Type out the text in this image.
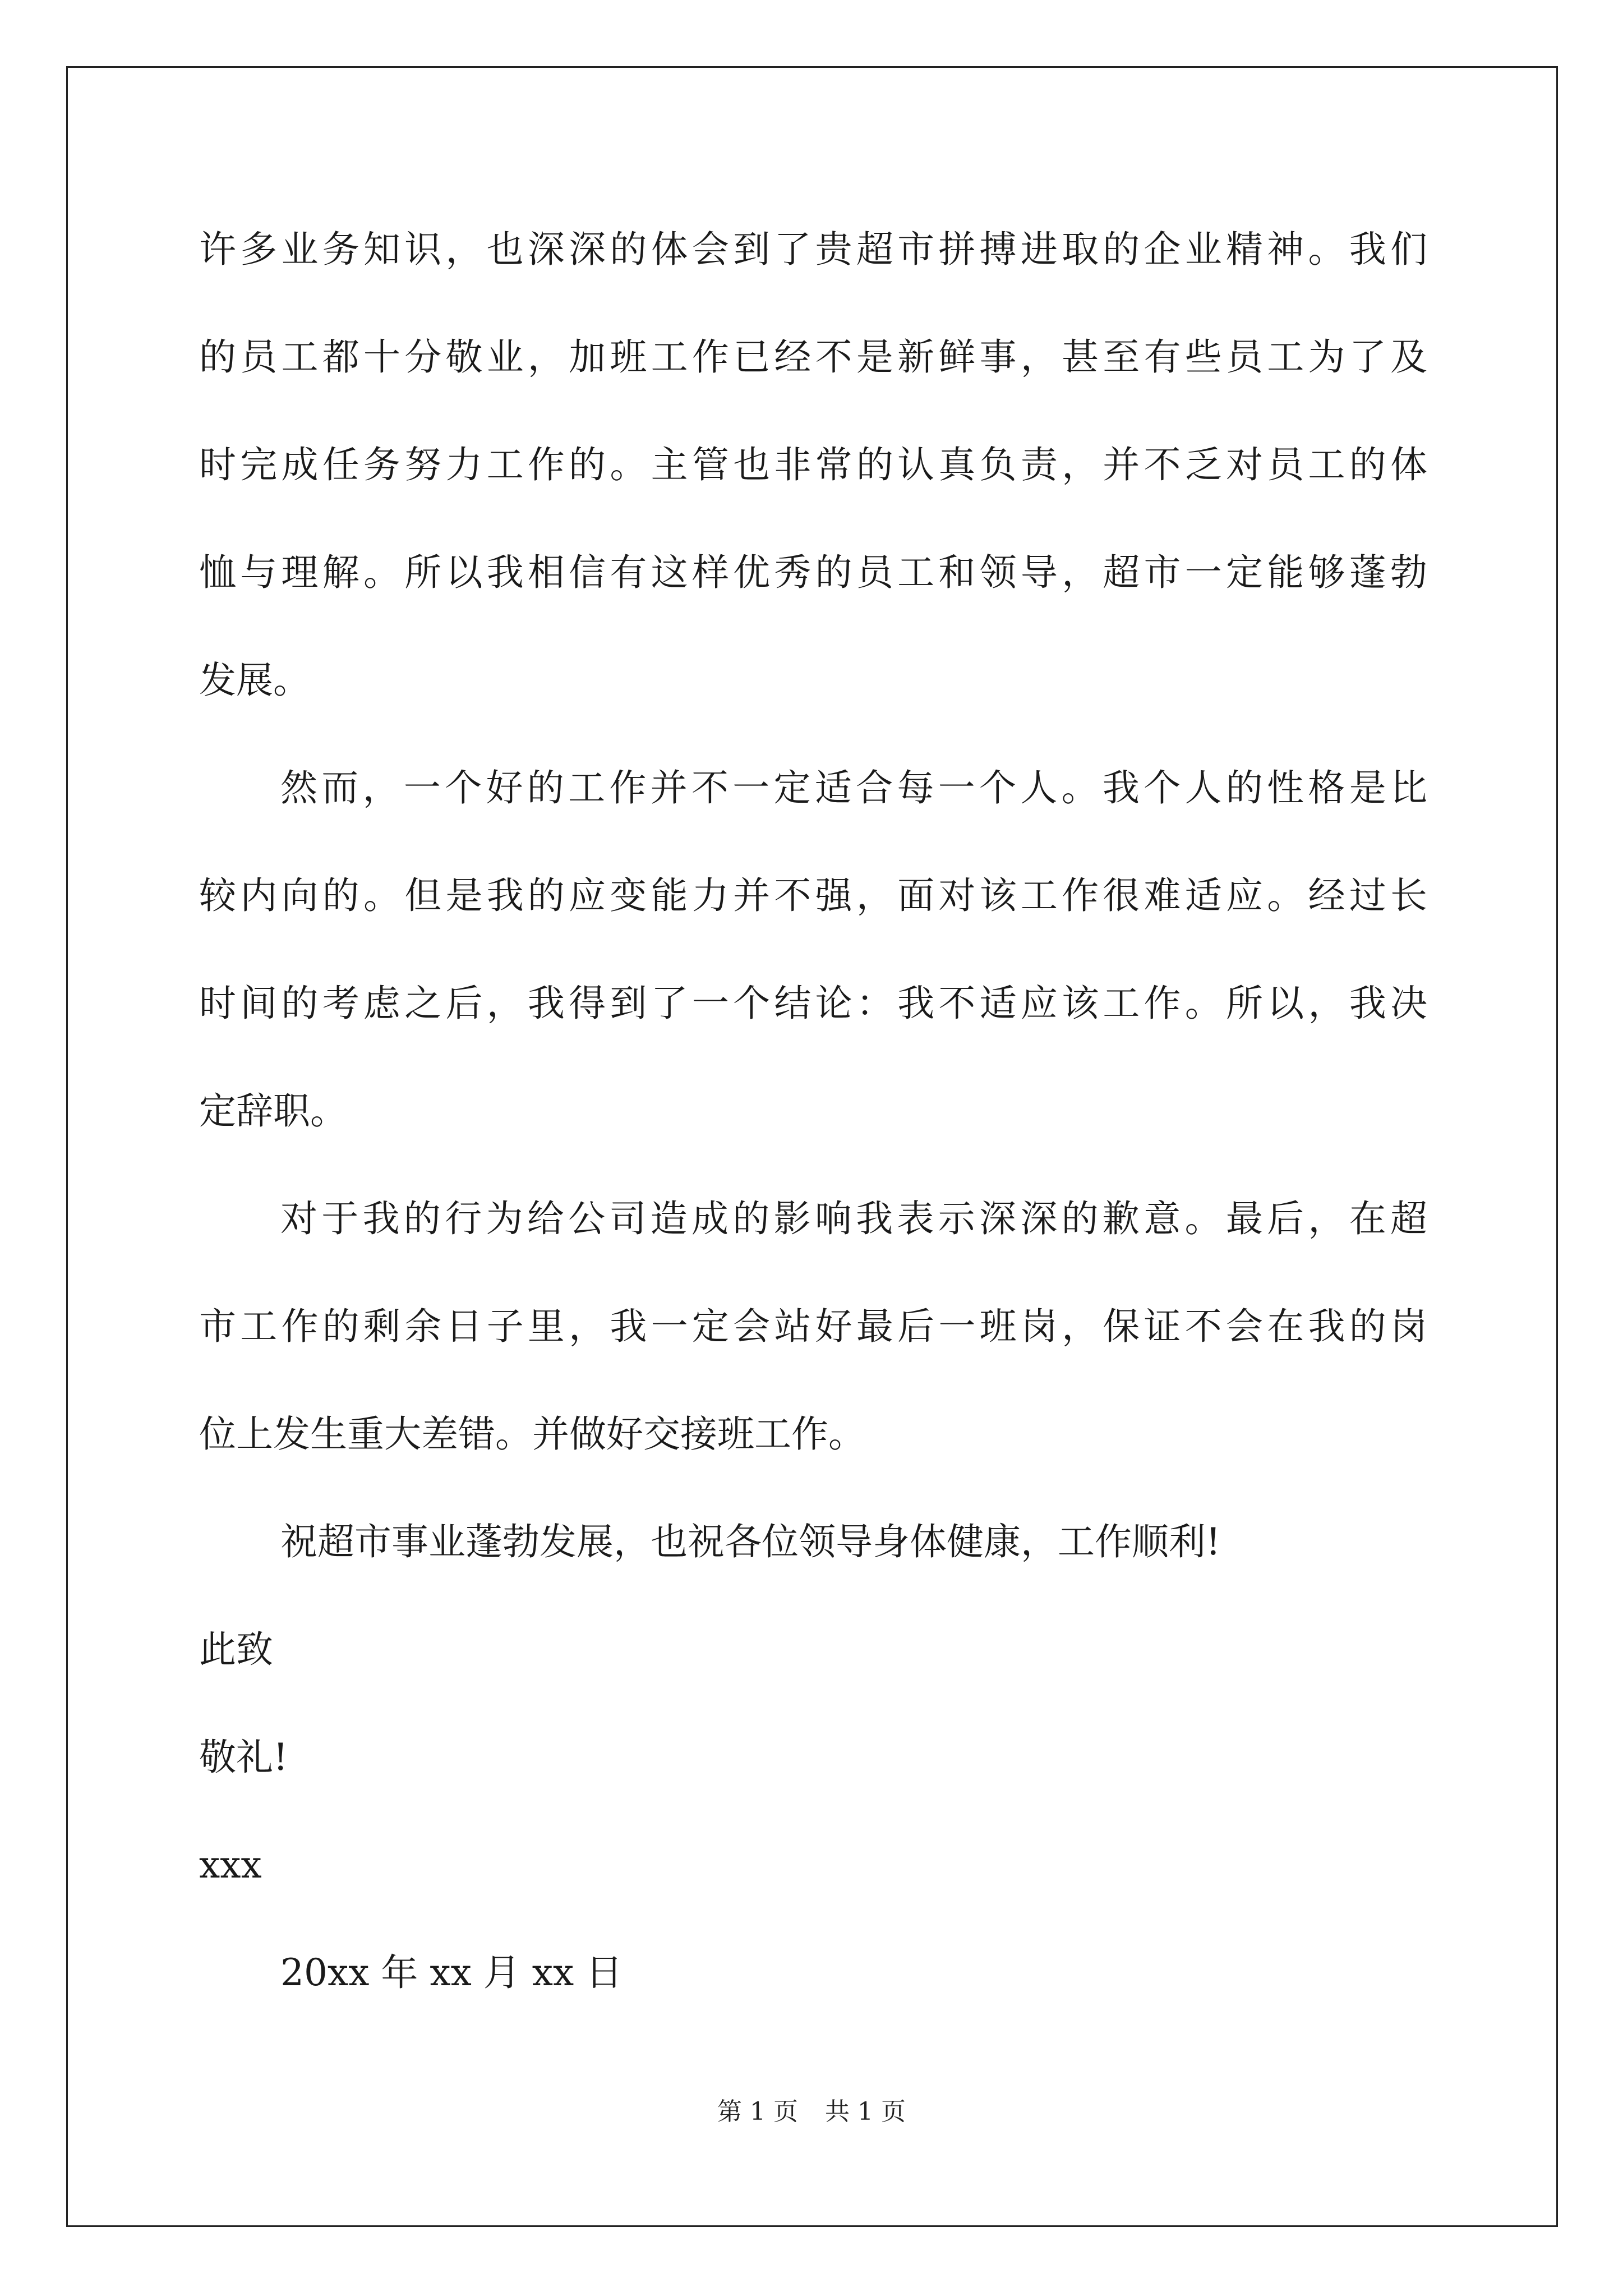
许多业务知识，也深深的体会到了贵超市拼搏进取的企业精神。我们
的员工都十分敬业，加班工作已经不是新鲜事，甚至有些员工为了及
时完成任务努力工作的。主管也非常的认真负责，并不乏对员工的体
恤与理解。所以我相信有这样优秀的员工和领导，超市一定能够蓬勃
发展。
然而，一个好的工作并不一定适合每一个人。我个人的性格是比
较内向的。但是我的应变能力并不强，面对该工作很难适应。经过长
时间的考虑之后，我得到了一个结论：我不适应该工作。所以，我决
定辞职。
对于我的行为给公司造成的影响我表示深深的歉意。最后，在超
市工作的剩余日子里，我一定会站好最后一班岗，保证不会在我的岗
位上发生重大差错。并做好交接班工作。
祝超市事业蓬勃发展，也祝各位领导身体健康，工作顺利!
此致
敬礼!
xxx
20xx 年 xx 月 xx 日
第 1 页 共 1 页
